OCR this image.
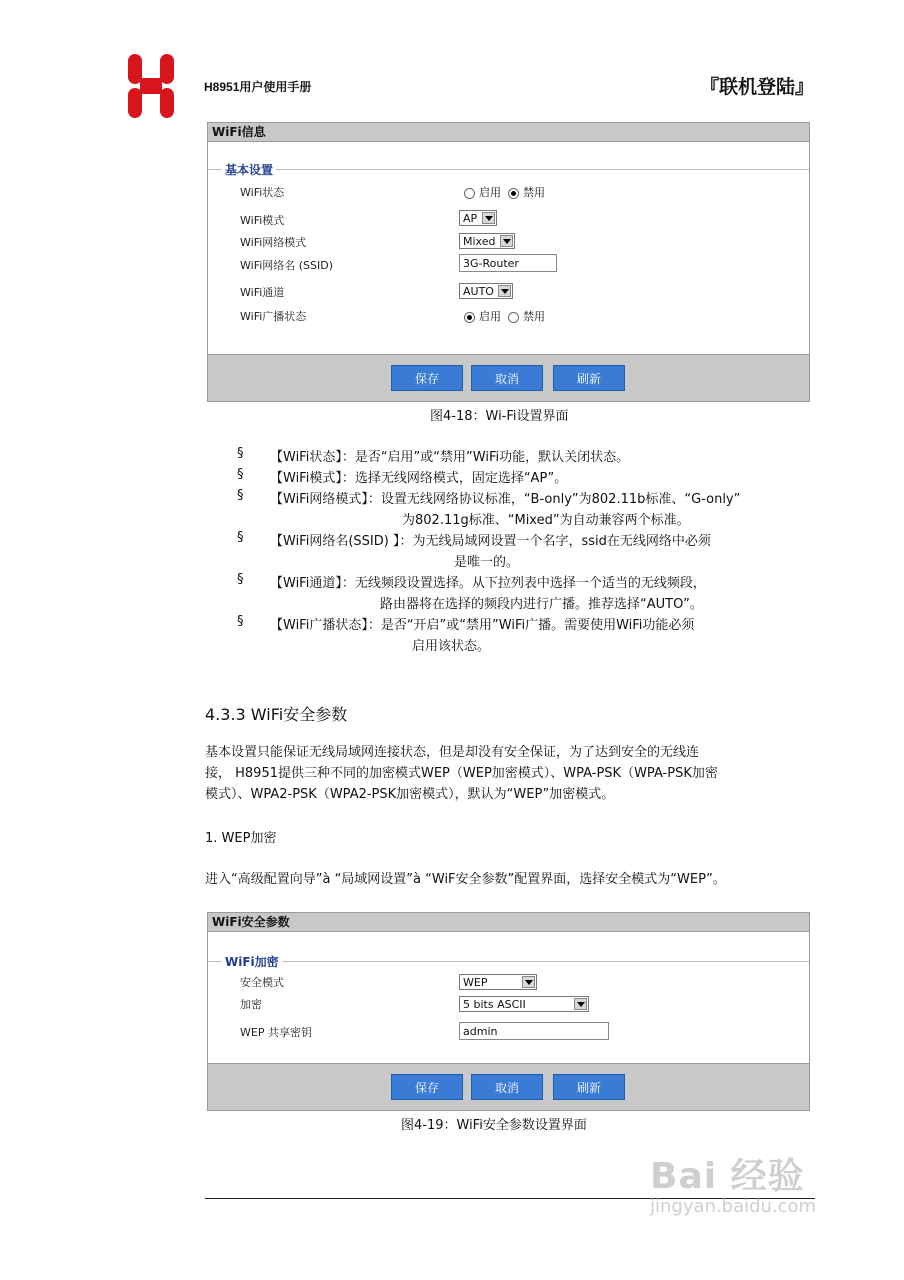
H8951用户使用手册	『联机登陆』
WiFi信息
基本设置
WiFi状态	启用 禁用
WiFi模式	AP
WiFi网络模式	Mixed
WiFi网络名 (SSID)	3G-Router
WiFi通道	AUTO
WiFi广播状态	启用 禁用
保存	取消	刷新
图4-18：Wi-Fi设置界面
§ 【WiFi状态】：是否“启用”或“禁用”WiFi功能，默认关闭状态。
§ 【WiFi模式】：选择无线网络模式，固定选择“AP”。
§ 【WiFi网络模式】：设置无线网络协议标准，“B-only”为802.11b标准、“G-only”
为802.11g标准、“Mixed”为自动兼容两个标准。
§ 【WiFi网络名(SSID) 】：为无线局域网设置一个名字，ssid在无线网络中必须
是唯一的。
§ 【WiFi通道】：无线频段设置选择。从下拉列表中选择一个适当的无线频段，
路由器将在选择的频段内进行广播。推荐选择“AUTO”。
§ 【WiFi广播状态】：是否“开启”或“禁用”WiFi广播。需要使用WiFi功能必须
启用该状态。
4.3.3 WiFi安全参数
基本设置只能保证无线局域网连接状态，但是却没有安全保证，为了达到安全的无线连
接， H8951提供三种不同的加密模式WEP（WEP加密模式）、WPA-PSK（WPA-PSK加密
模式）、WPA2-PSK（WPA2-PSK加密模式），默认为“WEP”加密模式。
1. WEP加密
进入“高级配置向导”à “局域网设置”à “WiF安全参数”配置界面，选择安全模式为“WEP”。
WiFi安全参数
WiFi加密
安全模式	WEP
加密	5 bits ASCII
WEP 共享密钥	admin
保存	取消	刷新
图4-19：WiFi安全参数设置界面
Bai 经验
jingyan.baidu.com
